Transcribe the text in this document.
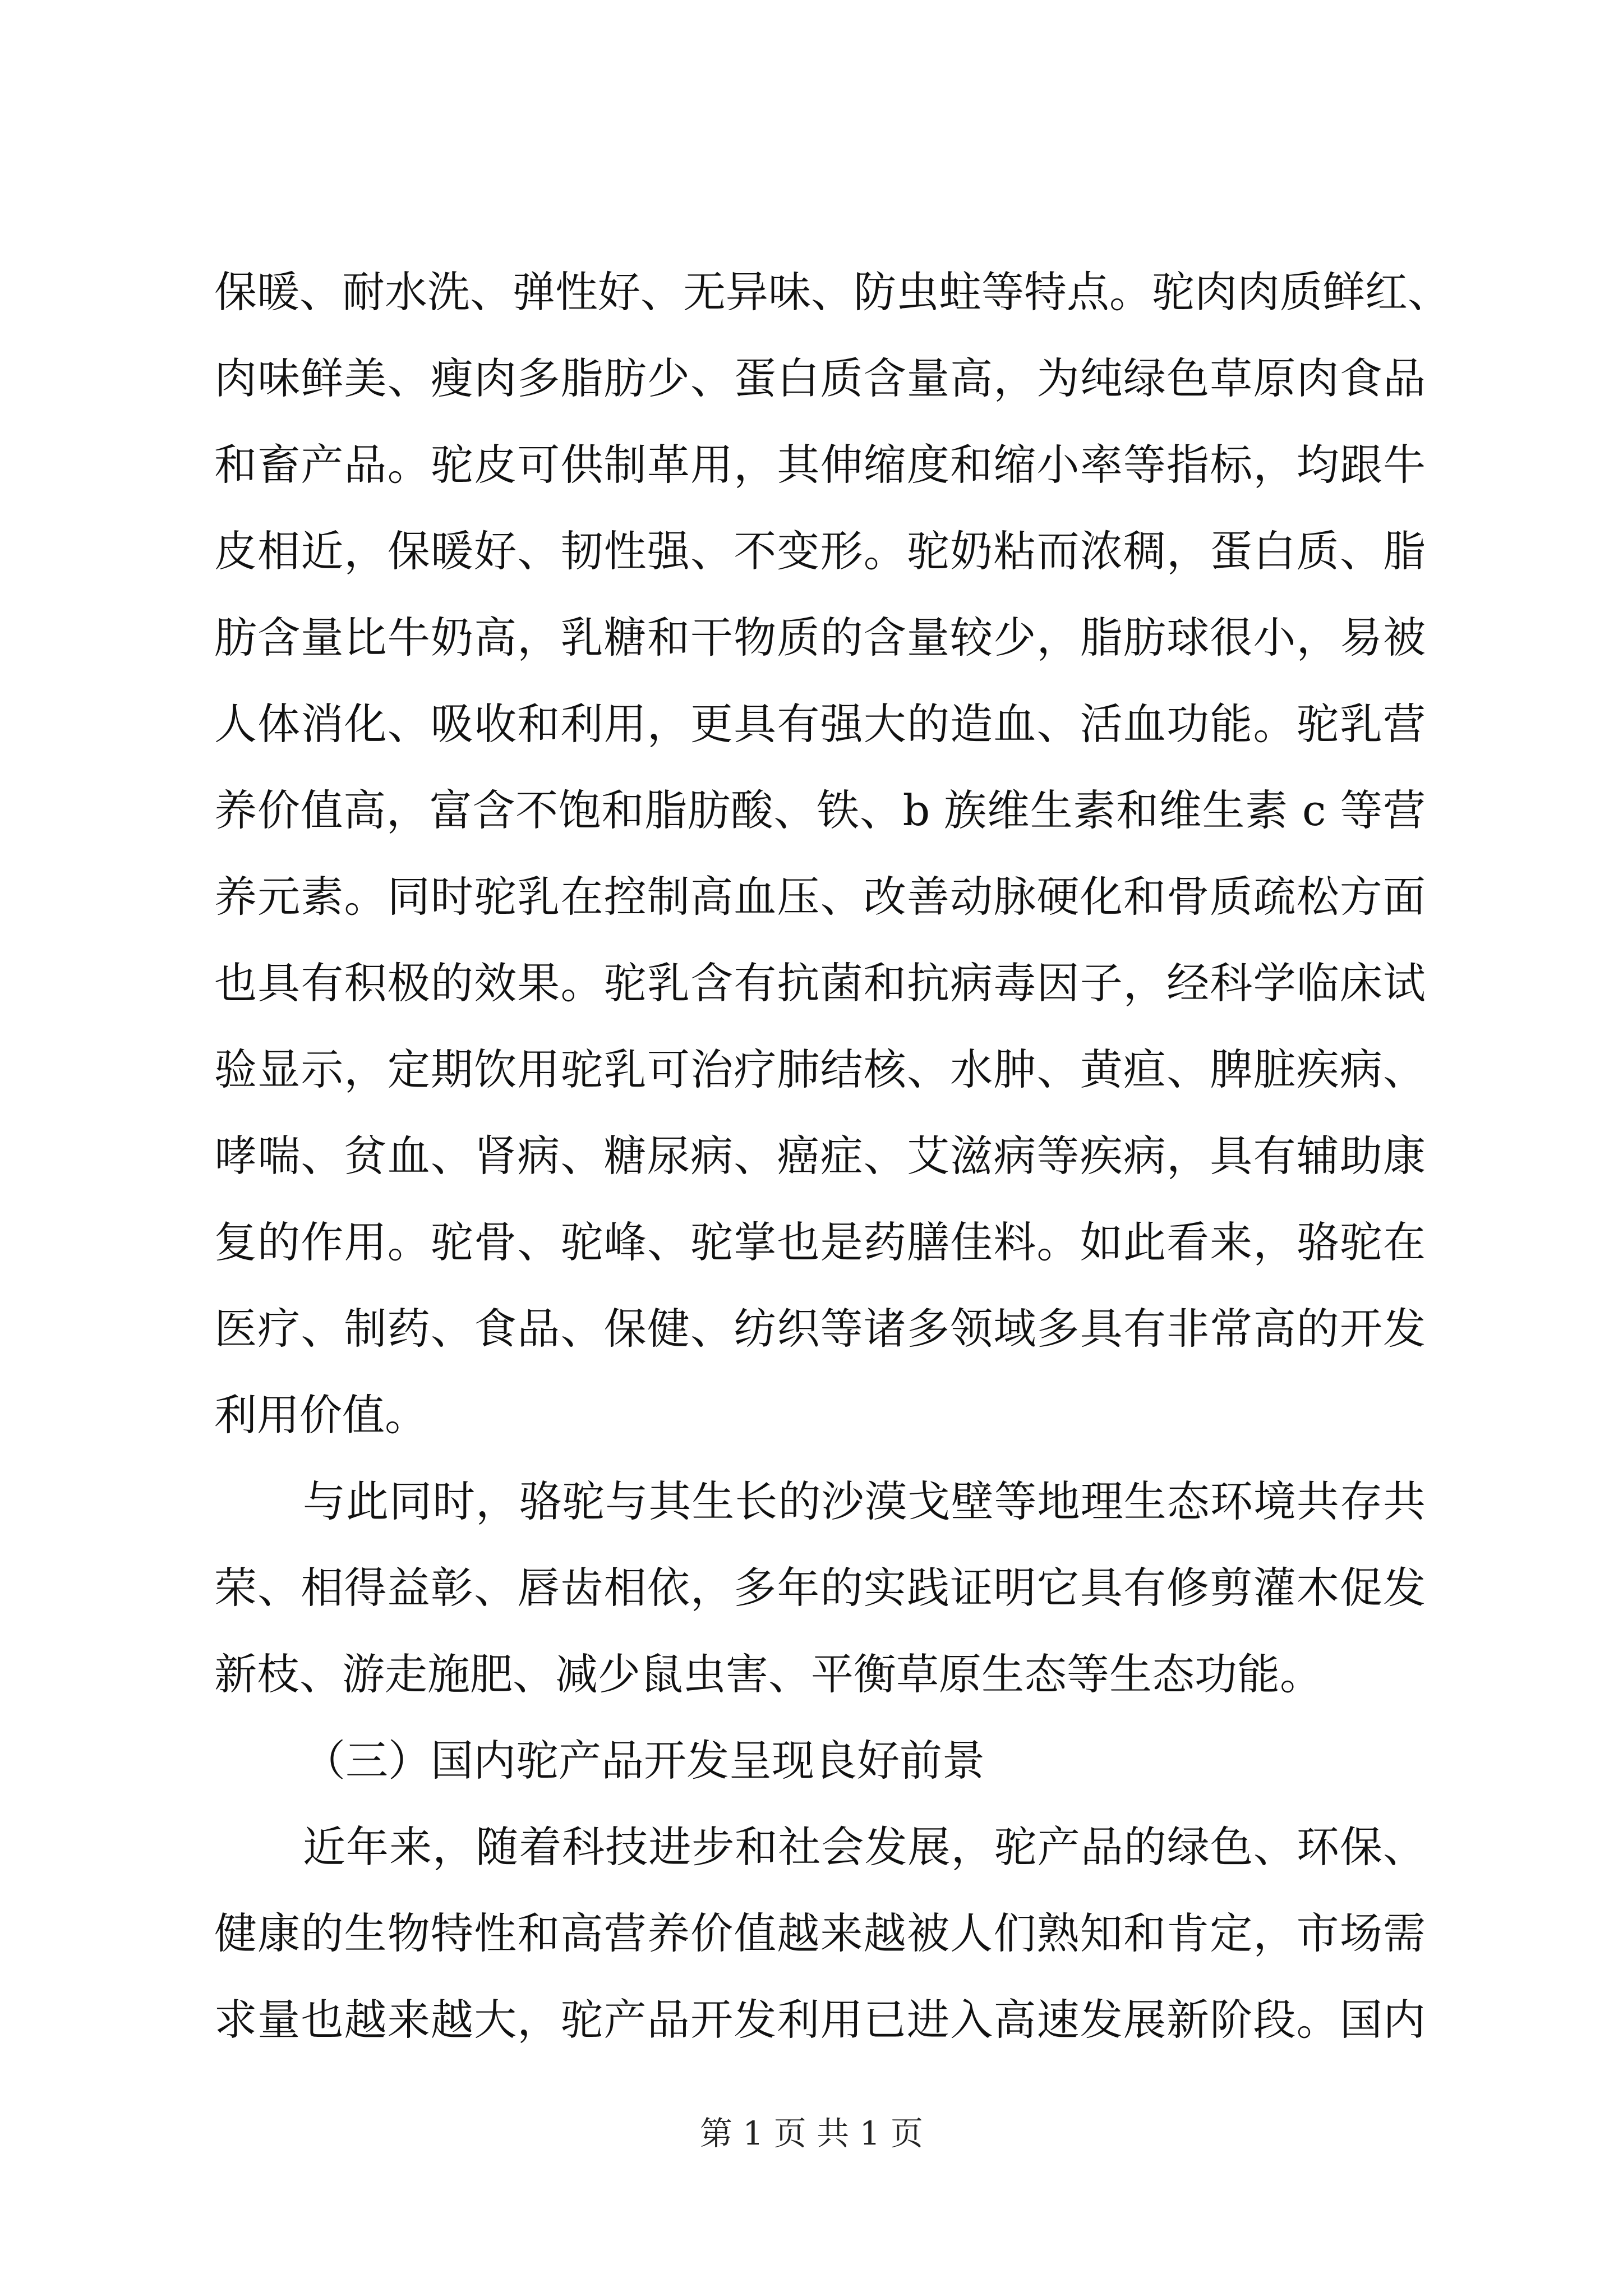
保暖、耐水洗、弹性好、无异味、防虫蛀等特点。驼肉肉质鲜红、

肉味鲜美、瘦肉多脂肪少、蛋白质含量高，为纯绿色草原肉食品

和畜产品。驼皮可供制革用，其伸缩度和缩小率等指标，均跟牛

皮相近，保暖好、韧性强、不变形。驼奶粘而浓稠，蛋白质、脂

肪含量比牛奶高，乳糖和干物质的含量较少，脂肪球很小，易被

人体消化、吸收和利用，更具有强大的造血、活血功能。驼乳营

养价值高，富含不饱和脂肪酸、铁、b 族维生素和维生素 c 等营

养元素。同时驼乳在控制高血压、改善动脉硬化和骨质疏松方面

也具有积极的效果。驼乳含有抗菌和抗病毒因子，经科学临床试

验显示，定期饮用驼乳可治疗肺结核、水肿、黄疸、脾脏疾病、

哮喘、贫血、肾病、糖尿病、癌症、艾滋病等疾病，具有辅助康

复的作用。驼骨、驼峰、驼掌也是药膳佳料。如此看来，骆驼在

医疗、制药、食品、保健、纺织等诸多领域多具有非常高的开发

利用价值。

与此同时，骆驼与其生长的沙漠戈壁等地理生态环境共存共

荣、相得益彰、唇齿相依，多年的实践证明它具有修剪灌木促发

新枝、游走施肥、减少鼠虫害、平衡草原生态等生态功能。

（三）国内驼产品开发呈现良好前景

近年来，随着科技进步和社会发展，驼产品的绿色、环保、

健康的生物特性和高营养价值越来越被人们熟知和肯定，市场需

求量也越来越大，驼产品开发利用已进入高速发展新阶段。国内

第 1 页 共 1 页
